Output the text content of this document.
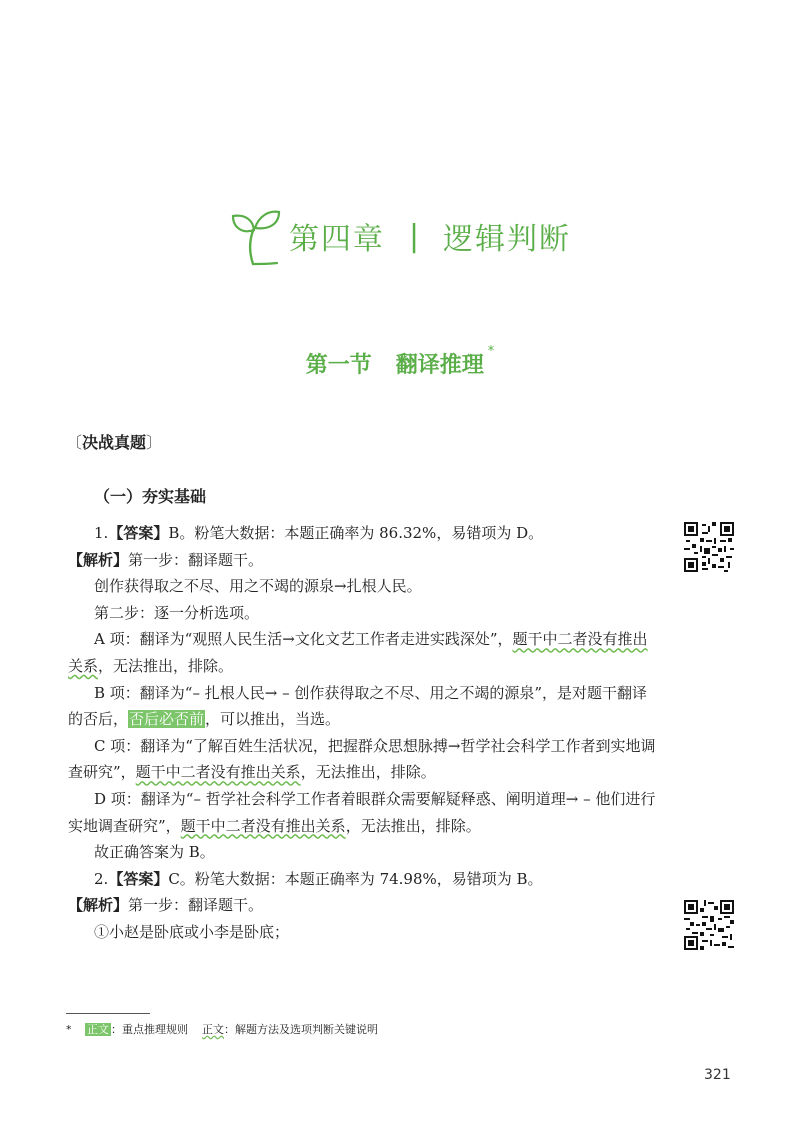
第四章 | 逻辑判断
第一节 翻译推理*
〔决战真题〕
（一）夯实基础

1.【答案】B。粉笔大数据：本题正确率为 86.32%，易错项为 D。

【解析】第一步：翻译题干。

创作获得取之不尽、用之不竭的源泉→扎根人民。

第二步：逐一分析选项。

A 项：翻译为“观照人民生活→文化文艺工作者走进实践深处”，题干中二者没有推出关系，无法推出，排除。

B 项：翻译为“– 扎根人民→ – 创作获得取之不尽、用之不竭的源泉”，是对题干翻译的否后，否后必否前，可以推出，当选。

C 项：翻译为“了解百姓生活状况，把握群众思想脉搏→哲学社会科学工作者到实地调查研究”，题干中二者没有推出关系，无法推出，排除。

D 项：翻译为“– 哲学社会科学工作者着眼群众需要解疑释惑、阐明道理→ – 他们进行实地调查研究”，题干中二者没有推出关系，无法推出，排除。

故正确答案为 B。

2.【答案】C。粉笔大数据：本题正确率为 74.98%，易错项为 B。

【解析】第一步：翻译题干。

①小赵是卧底或小李是卧底；

* 正文 ：重点推理规则 正文：解题方法及选项判断关键说明
321
